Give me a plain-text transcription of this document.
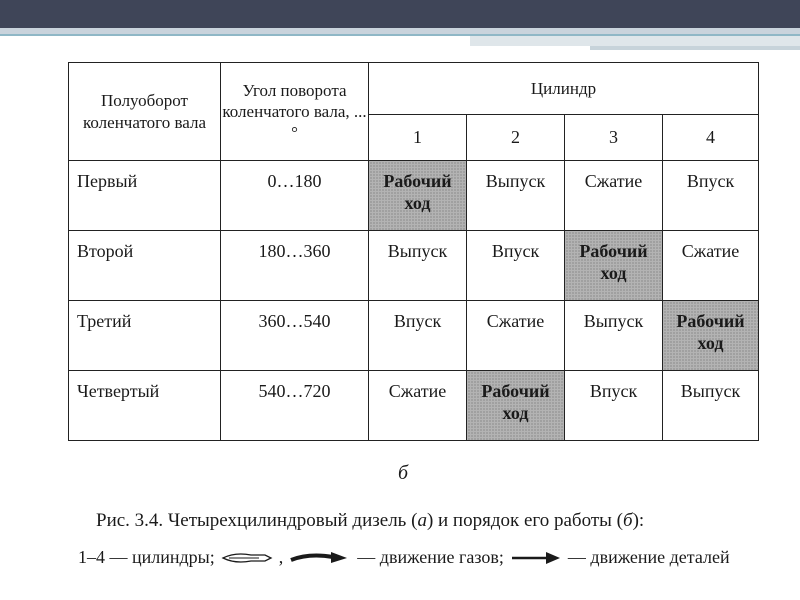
Полуоборот коленчатого вала	Угол поворота коленчатого вала, ...°	Цилиндр			
		1	2	3	4
Первый	0…180	Рабочий ход	Выпуск	Сжатие	Впуск
Второй	180…360	Выпуск	Впуск	Рабочий ход	Сжатие
Третий	360…540	Впуск	Сжатие	Выпуск	Рабочий ход
Четвертый	540…720	Сжатие	Рабочий ход	Впуск	Выпуск
б
Рис. 3.4. Четырехцилиндровый дизель (а) и порядок его работы (б):
1–4 — цилиндры;	,	— движение газов;	— движение деталей
